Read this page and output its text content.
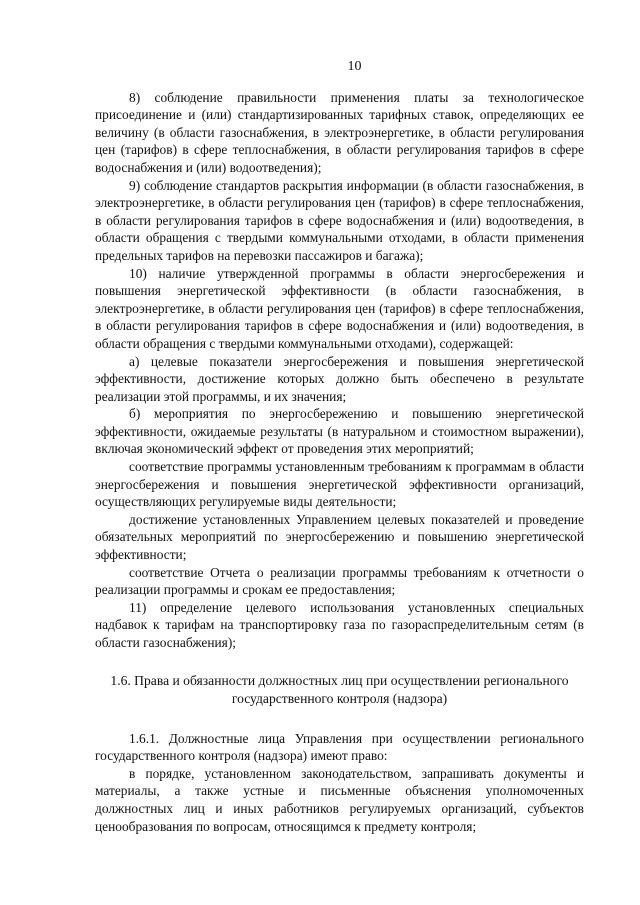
10

8) соблюдение правильности применения платы за технологическое присоединение и (или) стандартизированных тарифных ставок, определяющих ее величину (в области газоснабжения, в электроэнергетике, в области регулирования цен (тарифов) в сфере теплоснабжения, в области регулирования тарифов в сфере водоснабжения и (или) водоотведения);

9) соблюдение стандартов раскрытия информации (в области газоснабжения, в электроэнергетике, в области регулирования цен (тарифов) в сфере теплоснабжения, в области регулирования тарифов в сфере водоснабжения и (или) водоотведения, в области обращения с твердыми коммунальными отходами, в области применения предельных тарифов на перевозки пассажиров и багажа);

10) наличие утвержденной программы в области энергосбережения и повышения энергетической эффективности (в области газоснабжения, в электроэнергетике, в области регулирования цен (тарифов) в сфере теплоснабжения, в области регулирования тарифов в сфере водоснабжения и (или) водоотведения, в области обращения с твердыми коммунальными отходами), содержащей:

а) целевые показатели энергосбережения и повышения энергетической эффективности, достижение которых должно быть обеспечено в результате реализации этой программы, и их значения;

б) мероприятия по энергосбережению и повышению энергетической эффективности, ожидаемые результаты (в натуральном и стоимостном выражении), включая экономический эффект от проведения этих мероприятий;

соответствие программы установленным требованиям к программам в области энергосбережения и повышения энергетической эффективности организаций, осуществляющих регулируемые виды деятельности;

достижение установленных Управлением целевых показателей и проведение обязательных мероприятий по энергосбережению и повышению энергетической эффективности;

соответствие Отчета о реализации программы требованиям к отчетности о реализации программы и срокам ее предоставления;

11) определение целевого использования установленных специальных надбавок к тарифам на транспортировку газа по газораспределительным сетям (в области газоснабжения);

1.6. Права и обязанности должностных лиц при осуществлении регионального государственного контроля (надзора)

1.6.1. Должностные лица Управления при осуществлении регионального государственного контроля (надзора) имеют право:

в порядке, установленном законодательством, запрашивать документы и материалы, а также устные и письменные объяснения уполномоченных должностных лиц и иных работников регулируемых организаций, субъектов ценообразования по вопросам, относящимся к предмету контроля;
